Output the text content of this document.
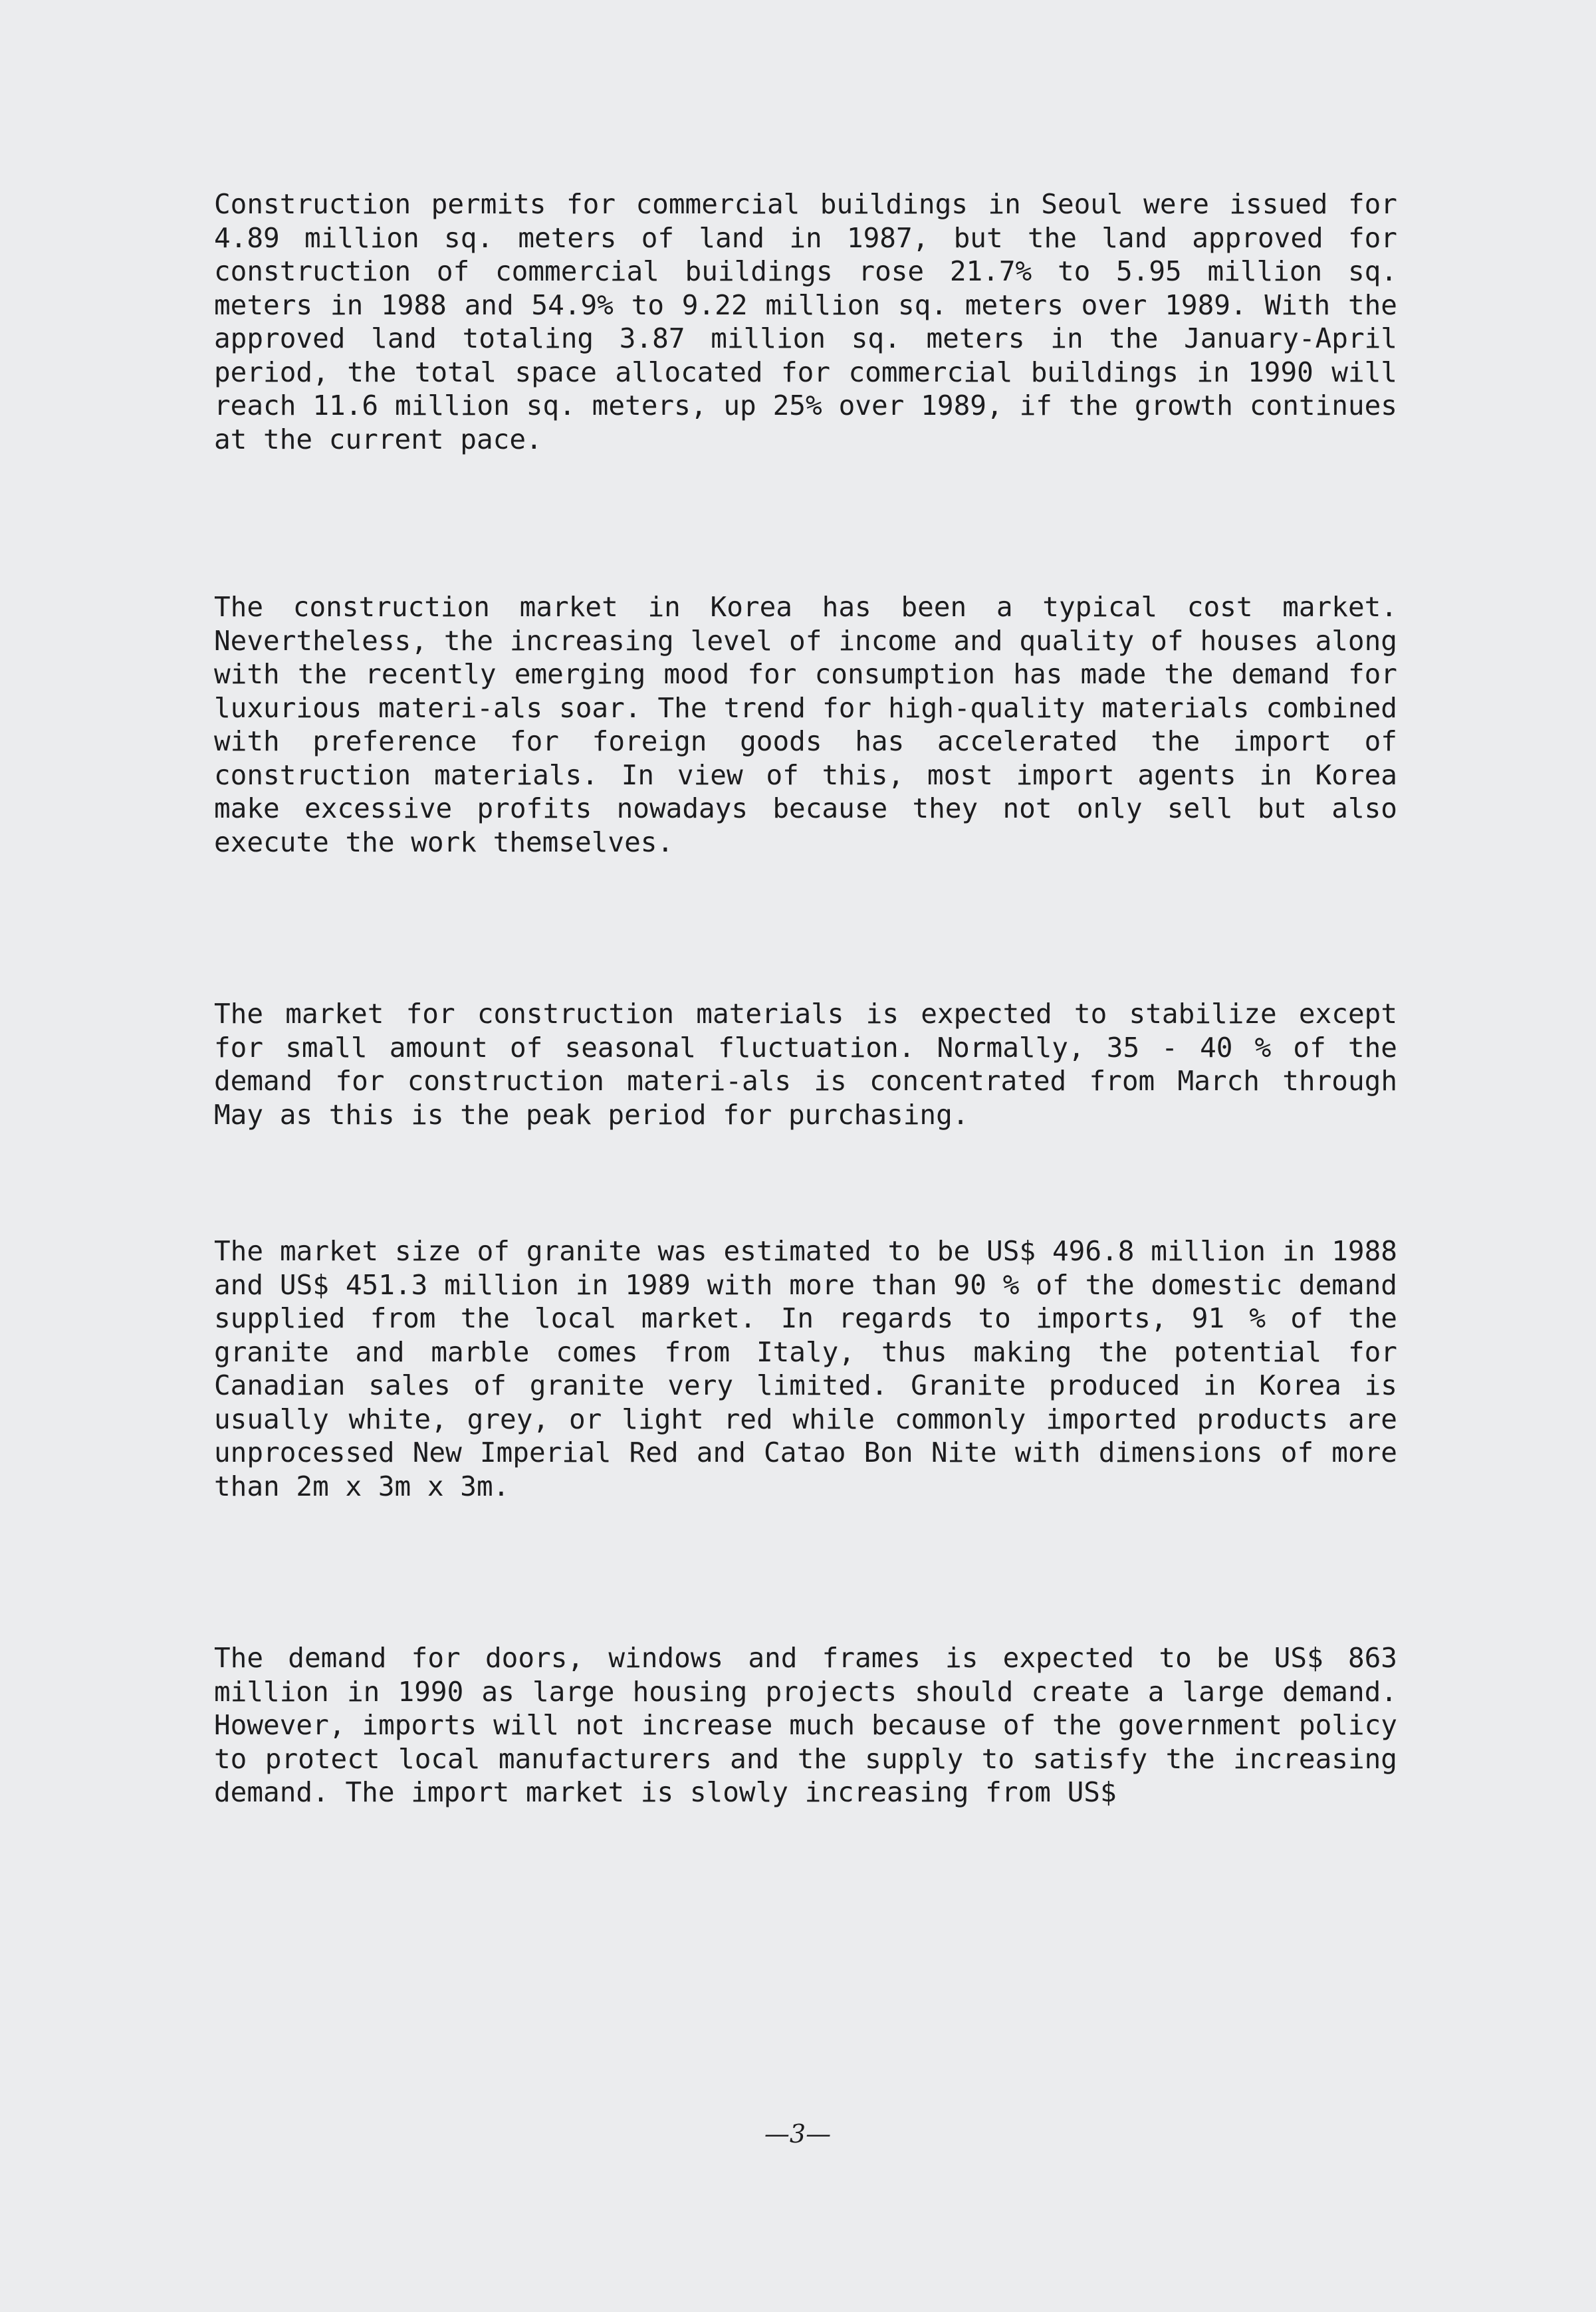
Construction permits for commercial buildings in Seoul were issued for 4.89 million sq. meters of land in 1987, but the land approved for construction of commercial buildings rose 21.7% to 5.95 million sq. meters in 1988 and 54.9% to 9.22 million sq. meters over 1989. With the approved land totaling 3.87 million sq. meters in the January-April period, the total space allocated for commercial buildings in 1990 will reach 11.6 million sq. meters, up 25% over 1989, if the growth continues at the current pace.

The construction market in Korea has been a typical cost market. Nevertheless, the increasing level of income and quality of houses along with the recently emerging mood for consumption has made the demand for luxurious materi-als soar. The trend for high-quality materials combined with preference for foreign goods has accelerated the import of construction materials. In view of this, most import agents in Korea make excessive profits nowadays because they not only sell but also execute the work themselves.

The market for construction materials is expected to stabilize except for small amount of seasonal fluctuation. Normally, 35 - 40 % of the demand for construction materi-als is concentrated from March through May as this is the peak period for purchasing.

The market size of granite was estimated to be US$ 496.8 million in 1988 and US$ 451.3 million in 1989 with more than 90 % of the domestic demand supplied from the local market. In regards to imports, 91 % of the granite and marble comes from Italy, thus making the potential for Canadian sales of granite very limited. Granite produced in Korea is usually white, grey, or light red while commonly imported products are unprocessed New Imperial Red and Catao Bon Nite with dimensions of more than 2m x 3m x 3m.

The demand for doors, windows and frames is expected to be US$ 863 million in 1990 as large housing projects should create a large demand. However, imports will not increase much because of the government policy to protect local manufacturers and the supply to satisfy the increasing demand. The import market is slowly increasing from US$

—3—
